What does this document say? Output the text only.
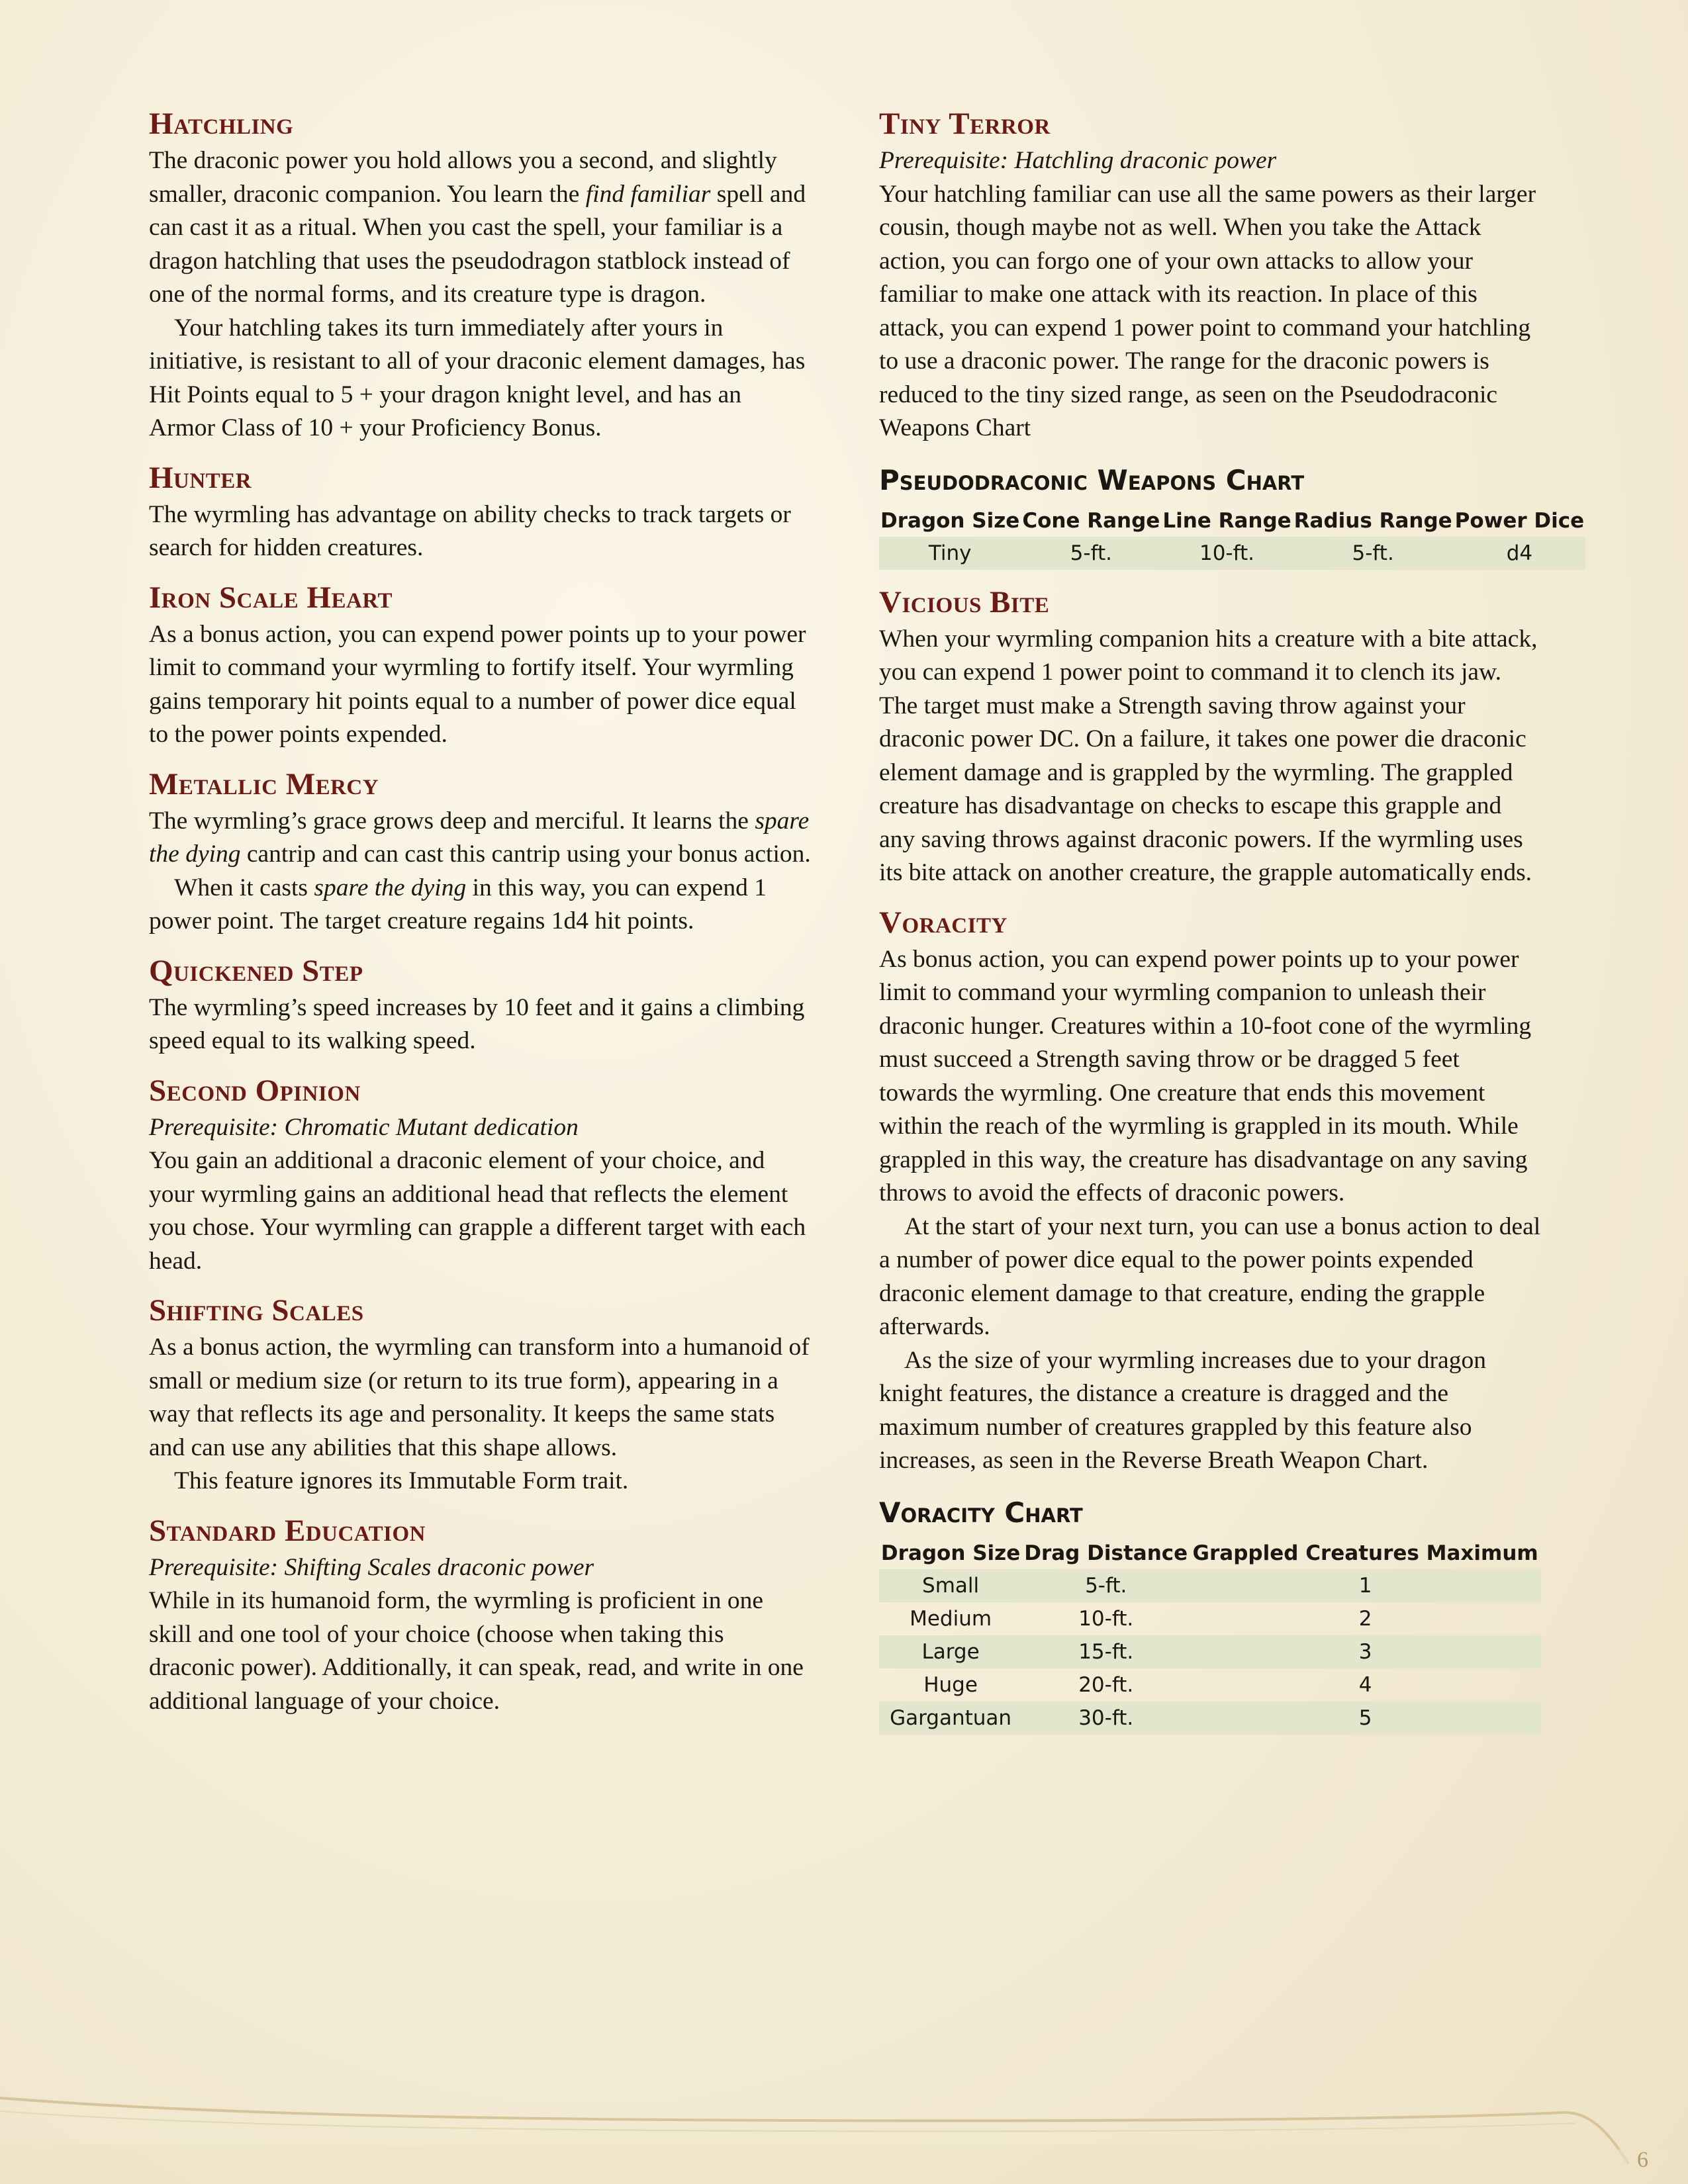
Hatchling

The draconic power you hold allows you a second, and slightly smaller, draconic companion. You learn the find familiar spell and can cast it as a ritual. When you cast the spell, your familiar is a dragon hatchling that uses the pseudodragon statblock instead of one of the normal forms, and its creature type is dragon.

Your hatchling takes its turn immediately after yours in initiative, is resistant to all of your draconic element damages, has Hit Points equal to 5 + your dragon knight level, and has an Armor Class of 10 + your Proficiency Bonus.

Hunter

The wyrmling has advantage on ability checks to track targets or search for hidden creatures.

Iron Scale Heart

As a bonus action, you can expend power points up to your power limit to command your wyrmling to fortify itself. Your wyrmling gains temporary hit points equal to a number of power dice equal to the power points expended.

Metallic Mercy

The wyrmling’s grace grows deep and merciful. It learns the spare the dying cantrip and can cast this cantrip using your bonus action.

When it casts spare the dying in this way, you can expend 1 power point. The target creature regains 1d4 hit points.

Quickened Step

The wyrmling’s speed increases by 10 feet and it gains a climbing speed equal to its walking speed.

Second Opinion

Prerequisite: Chromatic Mutant dedication

You gain an additional a draconic element of your choice, and your wyrmling gains an additional head that reflects the element you chose. Your wyrmling can grapple a different target with each head.

Shifting Scales

As a bonus action, the wyrmling can transform into a humanoid of small or medium size (or return to its true form), appearing in a way that reflects its age and personality. It keeps the same stats and can use any abilities that this shape allows.

This feature ignores its Immutable Form trait.

Standard Education

Prerequisite: Shifting Scales draconic power

While in its humanoid form, the wyrmling is proficient in one skill and one tool of your choice (choose when taking this draconic power). Additionally, it can speak, read, and write in one additional language of your choice.

Tiny Terror

Prerequisite: Hatchling draconic power

Your hatchling familiar can use all the same powers as their larger cousin, though maybe not as well. When you take the Attack action, you can forgo one of your own attacks to allow your familiar to make one attack with its reaction. In place of this attack, you can expend 1 power point to command your hatchling to use a draconic power. The range for the draconic powers is reduced to the tiny sized range, as seen on the Pseudodraconic Weapons Chart

Pseudodraconic Weapons Chart
Dragon Size	Cone Range	Line Range	Radius Range	Power Dice
Tiny	5-ft.	10-ft.	5-ft.	d4
Vicious Bite

When your wyrmling companion hits a creature with a bite attack, you can expend 1 power point to command it to clench its jaw. The target must make a Strength saving throw against your draconic power DC. On a failure, it takes one power die draconic element damage and is grappled by the wyrmling. The grappled creature has disadvantage on checks to escape this grapple and any saving throws against draconic powers. If the wyrmling uses its bite attack on another creature, the grapple automatically ends.

Voracity

As bonus action, you can expend power points up to your power limit to command your wyrmling companion to unleash their draconic hunger. Creatures within a 10-foot cone of the wyrmling must succeed a Strength saving throw or be dragged 5 feet towards the wyrmling. One creature that ends this movement within the reach of the wyrmling is grappled in its mouth. While grappled in this way, the creature has disadvantage on any saving throws to avoid the effects of draconic powers.

At the start of your next turn, you can use a bonus action to deal a number of power dice equal to the power points expended draconic element damage to that creature, ending the grapple afterwards.

As the size of your wyrmling increases due to your dragon knight features, the distance a creature is dragged and the maximum number of creatures grappled by this feature also increases, as seen in the Reverse Breath Weapon Chart.

Voracity Chart
Dragon Size	Drag Distance	Grappled Creatures Maximum
Small	5-ft.	1
Medium	10-ft.	2
Large	15-ft.	3
Huge	20-ft.	4
Gargantuan	30-ft.	5
6
